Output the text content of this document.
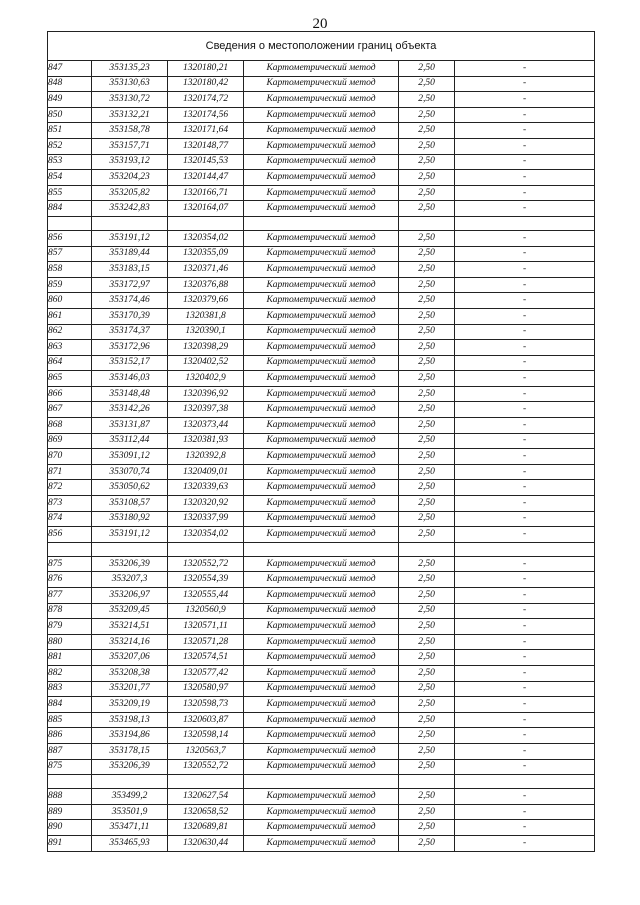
20
Сведения о местоположении границ объекта					
847	353135,23	1320180,21	Картометрический метод	2,50	-
848	353130,63	1320180,42	Картометрический метод	2,50	-
849	353130,72	1320174,72	Картометрический метод	2,50	-
850	353132,21	1320174,56	Картометрический метод	2,50	-
851	353158,78	1320171,64	Картометрический метод	2,50	-
852	353157,71	1320148,77	Картометрический метод	2,50	-
853	353193,12	1320145,53	Картометрический метод	2,50	-
854	353204,23	1320144,47	Картометрический метод	2,50	-
855	353205,82	1320166,71	Картометрический метод	2,50	-
884	353242,83	1320164,07	Картометрический метод	2,50	-

856	353191,12	1320354,02	Картометрический метод	2,50	-
857	353189,44	1320355,09	Картометрический метод	2,50	-
858	353183,15	1320371,46	Картометрический метод	2,50	-
859	353172,97	1320376,88	Картометрический метод	2,50	-
860	353174,46	1320379,66	Картометрический метод	2,50	-
861	353170,39	1320381,8	Картометрический метод	2,50	-
862	353174,37	1320390,1	Картометрический метод	2,50	-
863	353172,96	1320398,29	Картометрический метод	2,50	-
864	353152,17	1320402,52	Картометрический метод	2,50	-
865	353146,03	1320402,9	Картометрический метод	2,50	-
866	353148,48	1320396,92	Картометрический метод	2,50	-
867	353142,26	1320397,38	Картометрический метод	2,50	-
868	353131,87	1320373,44	Картометрический метод	2,50	-
869	353112,44	1320381,93	Картометрический метод	2,50	-
870	353091,12	1320392,8	Картометрический метод	2,50	-
871	353070,74	1320409,01	Картометрический метод	2,50	-
872	353050,62	1320339,63	Картометрический метод	2,50	-
873	353108,57	1320320,92	Картометрический метод	2,50	-
874	353180,92	1320337,99	Картометрический метод	2,50	-
856	353191,12	1320354,02	Картометрический метод	2,50	-

875	353206,39	1320552,72	Картометрический метод	2,50	-
876	353207,3	1320554,39	Картометрический метод	2,50	-
877	353206,97	1320555,44	Картометрический метод	2,50	-
878	353209,45	1320560,9	Картометрический метод	2,50	-
879	353214,51	1320571,11	Картометрический метод	2,50	-
880	353214,16	1320571,28	Картометрический метод	2,50	-
881	353207,06	1320574,51	Картометрический метод	2,50	-
882	353208,38	1320577,42	Картометрический метод	2,50	-
883	353201,77	1320580,97	Картометрический метод	2,50	-
884	353209,19	1320598,73	Картометрический метод	2,50	-
885	353198,13	1320603,87	Картометрический метод	2,50	-
886	353194,86	1320598,14	Картометрический метод	2,50	-
887	353178,15	1320563,7	Картометрический метод	2,50	-
875	353206,39	1320552,72	Картометрический метод	2,50	-

888	353499,2	1320627,54	Картометрический метод	2,50	-
889	353501,9	1320658,52	Картометрический метод	2,50	-
890	353471,11	1320689,81	Картометрический метод	2,50	-
891	353465,93	1320630,44	Картометрический метод	2,50	-
